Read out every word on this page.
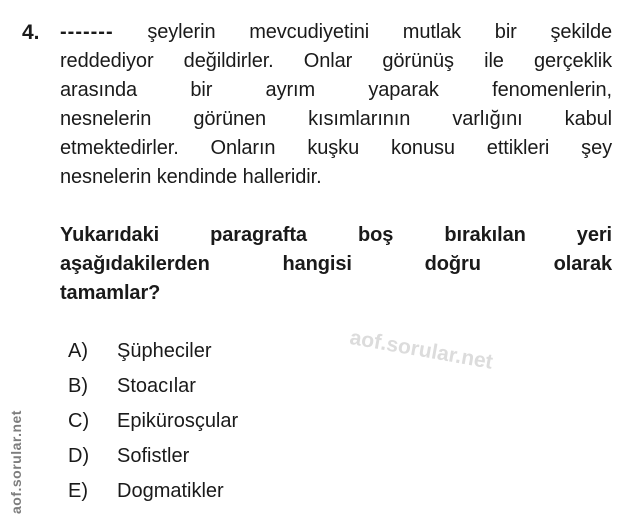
aof.sorular.net
aof.sorular.net
4. ------- şeylerin mevcudiyetini mutlak bir şekilde
reddediyor değildirler. Onlar görünüş ile gerçeklik
arasında bir ayrım yaparak fenomenlerin,
nesnelerin görünen kısımlarının varlığını kabul
etmektedirler. Onların kuşku konusu ettikleri şey
nesnelerin kendinde halleridir.
Yukarıdaki paragrafta boş bırakılan yeri
aşağıdakilerden hangisi doğru olarak
tamamlar?
A)	Şüpheciler
B)	Stoacılar
C)	Epikürosçular
D)	Sofistler
E)	Dogmatikler
